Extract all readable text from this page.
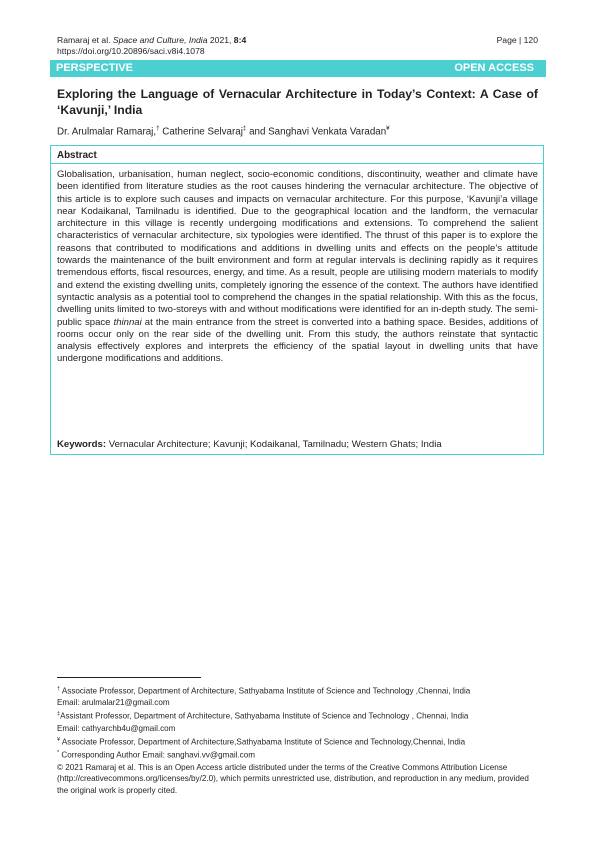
Ramaraj et al. Space and Culture, India 2021, 8:4
https://doi.org/10.20896/saci.v8i4.1078
Page | 120
PERSPECTIVE	OPEN ACCESS
Exploring the Language of Vernacular Architecture in Today’s Context: A Case of ‘Kavunji,’ India
Dr. Arulmalar Ramaraj,† Catherine Selvaraj‡ and Sanghavi Venkata Varadan¥
Abstract
Globalisation, urbanisation, human neglect, socio-economic conditions, discontinuity, weather and climate have been identified from literature studies as the root causes hindering the vernacular architecture. The objective of this article is to explore such causes and impacts on vernacular architecture. For this purpose, ‘Kavunji’a village near Kodaikanal, Tamilnadu is identified. Due to the geographical location and the landform, the vernacular architecture in this village is recently undergoing modifications and extensions. To comprehend the salient characteristics of vernacular architecture, six typologies were identified. The thrust of this paper is to explore the reasons that contributed to modifications and additions in dwelling units and effects on the people’s attitude towards the maintenance of the built environment and form at regular intervals is declining rapidly as it requires tremendous efforts, fiscal resources, energy, and time. As a result, people are utilising modern materials to modify and extend the existing dwelling units, completely ignoring the essence of the context. The authors have identified syntactic analysis as a potential tool to comprehend the changes in the spatial relationship. With this as the focus, dwelling units limited to two-storeys with and without modifications were identified for an in-depth study. The semi-public space thinnai at the main entrance from the street is converted into a bathing space. Besides, additions of rooms occur only on the rear side of the dwelling unit. From this study, the authors reinstate that syntactic analysis effectively explores and interprets the efficiency of the spatial layout in dwelling units that have undergone modifications and additions.
Keywords: Vernacular Architecture; Kavunji; Kodaikanal, Tamilnadu; Western Ghats; India
† Associate Professor, Department of Architecture, Sathyabama Institute of Science and Technology ,Chennai, India
Email: arulmalar21@gmail.com
‡Assistant Professor, Department of Architecture, Sathyabama Institute of Science and Technology , Chennai, India
Email: cathyarchb4u@gmail.com
¥ Associate Professor, Department of Architecture,Sathyabama Institute of Science and Technology,Chennai, India
* Corresponding Author Email: sanghavi.vv@gmail.com
© 2021 Ramaraj et al. This is an Open Access article distributed under the terms of the Creative Commons Attribution License (http://creativecommons.org/licenses/by/2.0), which permits unrestricted use, distribution, and reproduction in any medium, provided the original work is properly cited.
